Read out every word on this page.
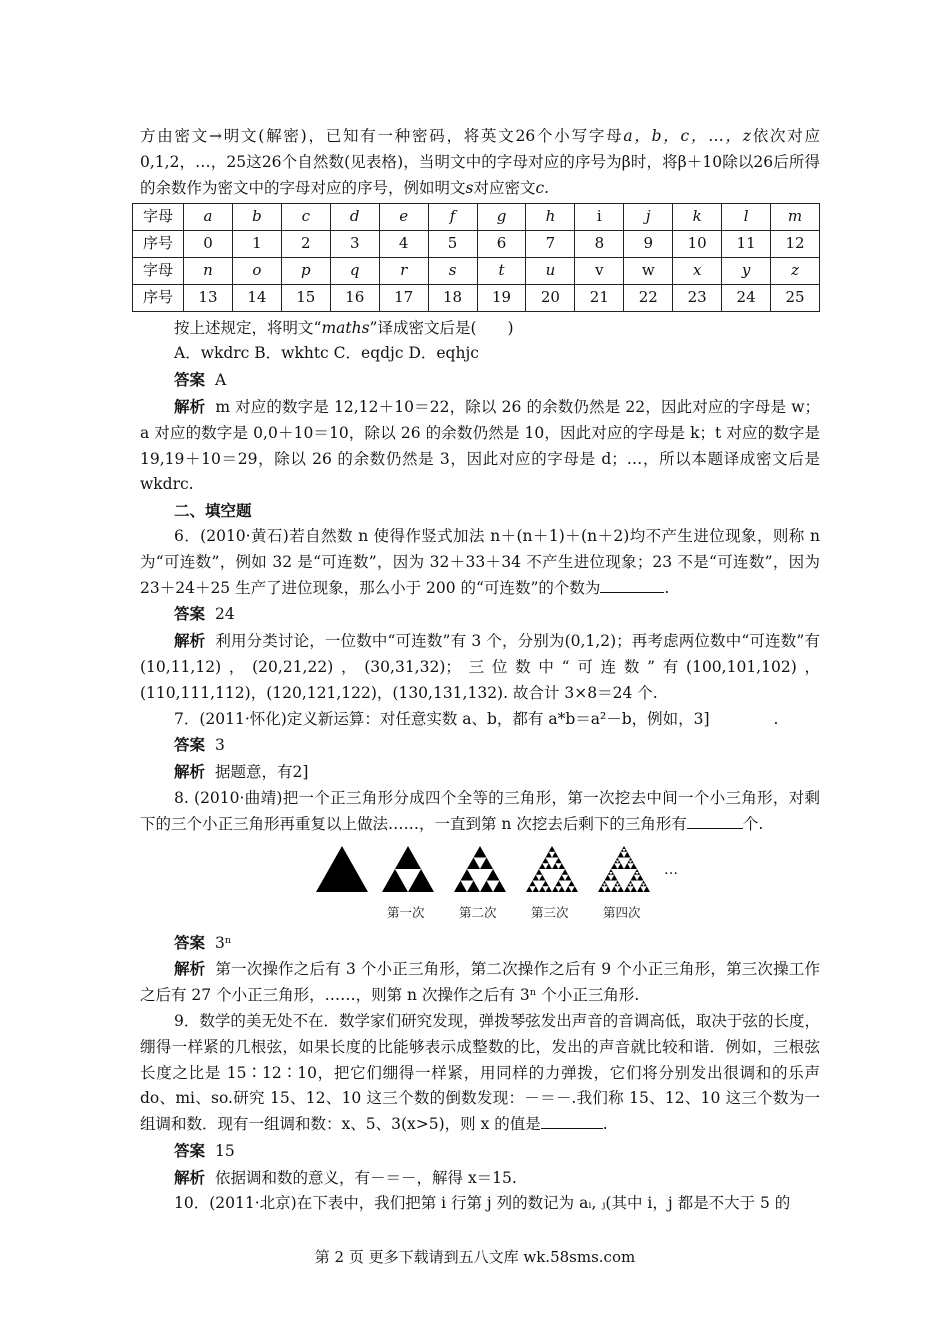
方由密文→明文(解密)，已知有一种密码，将英文26个小写字母a，b，c，…，z依次对应0,1,2，…，25这26个自然数(见表格)，当明文中的字母对应的序号为β时，将β＋10除以26后所得的余数作为密文中的字母对应的序号，例如明文s对应密文c.

字母	a	b	c	d	e	f	g	h	i	j	k	l	m
序号	0	1	2	3	4	5	6	7	8	9	10	11	12
字母	n	o	p	q	r	s	t	u	v	w	x	y	z
序号	13	14	15	16	17	18	19	20	21	22	23	24	25

按上述规定，将明文“maths”译成密文后是(　　)

A．wkdrc B．wkhtc C．eqdjc D．eqhjc

答案 A

解析 m 对应的数字是 12,12＋10＝22，除以 26 的余数仍然是 22，因此对应的字母是 w；a 对应的数字是 0,0＋10＝10，除以 26 的余数仍然是 10，因此对应的字母是 k；t 对应的数字是 19,19＋10＝29，除以 26 的余数仍然是 3，因此对应的字母是 d；…，所以本题译成密文后是 wkdrc.

二、填空题

6．(2010·黄石)若自然数 n 使得作竖式加法 n＋(n＋1)＋(n＋2)均不产生进位现象，则称 n 为“可连数”，例如 32 是“可连数”，因为 32＋33＋34 不产生进位现象；23 不是“可连数”，因为 23＋24＋25 生产了进位现象，那么小于 200 的“可连数”的个数为	.

答案 24

解析 利用分类讨论，一位数中“可连数”有 3 个，分别为(0,1,2)；再考虑两位数中“可连数”有(10,11,12)，(20,21,22)，(30,31,32)；三位数中“可连数”有(100,101,102)，(110,111,112)，(120,121,122)，(130,131,132). 故合计 3×8＝24 个.

7．(2011·怀化)定义新运算：对任意实数 a、b，都有 a*b＝a²－b，例如，3]	.

答案 3

解析 据题意，有2]

8. (2010·曲靖)把一个正三角形分成四个全等的三角形，第一次挖去中间一个小三角形，对剩下的三个小正三角形再重复以上做法……，一直到第 n 次挖去后剩下的三角形有	个.

…
第一次	第二次	第三次	第四次

答案 3ⁿ

解析 第一次操作之后有 3 个小正三角形，第二次操作之后有 9 个小正三角形，第三次操工作之后有 27 个小正三角形，……，则第 n 次操作之后有 3ⁿ 个小正三角形.

9．数学的美无处不在．数学家们研究发现，弹拨琴弦发出声音的音调高低，取决于弦的长度，绷得一样紧的几根弦，如果长度的比能够表示成整数的比，发出的声音就比较和谐．例如，三根弦长度之比是 15∶12∶10，把它们绷得一样紧，用同样的力弹拨，它们将分别发出很调和的乐声 do、mi、so.研究 15、12、10 这三个数的倒数发现：－＝－.我们称 15、12、10 这三个数为一组调和数．现有一组调和数：x、5、3(x>5)，则 x 的值是	.

答案 15

解析 依据调和数的意义，有－＝－，解得 x＝15.

10．(2011·北京)在下表中，我们把第 i 行第 j 列的数记为 aᵢ, ⱼ(其中 i，j 都是不大于 5 的

第 2 页 更多下载请到五八文库 wk.58sms.com
